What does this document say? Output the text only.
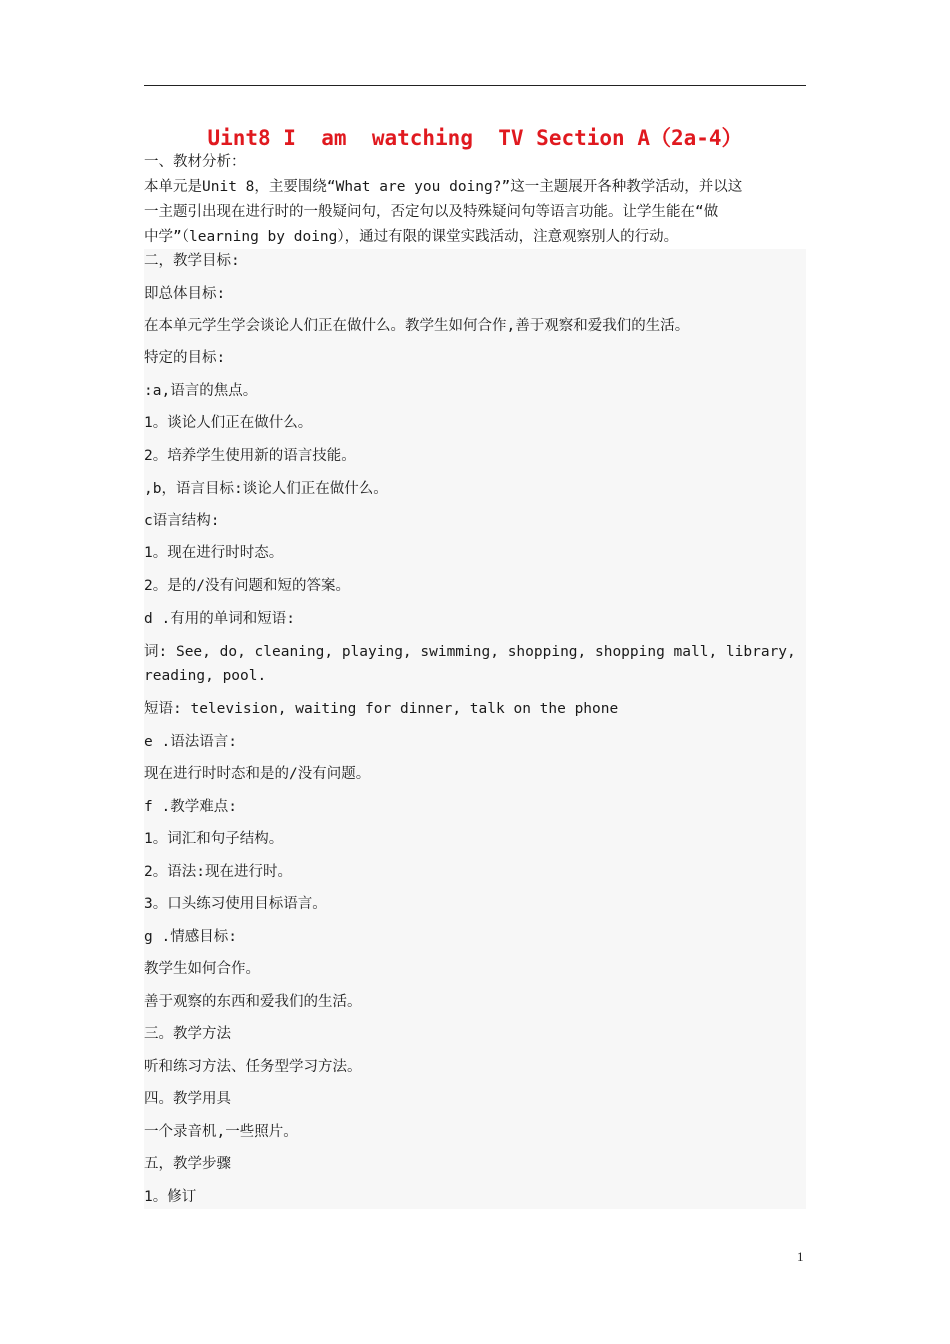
Uint8 I  am  watching  TV Section A（2a-4）

一、教材分析：

本单元是Unit 8，主要围绕“What are you doing?”这一主题展开各种教学活动，并以这

一主题引出现在进行时的一般疑问句，否定句以及特殊疑问句等语言功能。让学生能在“做

中学”（learning by doing），通过有限的课堂实践活动，注意观察别人的行动。

二，教学目标:
即总体目标:
在本单元学生学会谈论人们正在做什么。教学生如何合作,善于观察和爱我们的生活。
特定的目标:
:a,语言的焦点。
1。谈论人们正在做什么。
2。培养学生使用新的语言技能。
,b，语言目标:谈论人们正在做什么。
c语言结构:
1。现在进行时时态。
2。是的/没有问题和短的答案。
d .有用的单词和短语:
词: See, do, cleaning, playing, swimming, shopping, shopping mall, library,
reading, pool.
短语: television, waiting for dinner, talk on the phone
e .语法语言:
现在进行时时态和是的/没有问题。
f .教学难点:
1。词汇和句子结构。
2。语法:现在进行时。
3。口头练习使用目标语言。
g .情感目标:
教学生如何合作。
善于观察的东西和爱我们的生活。
三。教学方法
听和练习方法、任务型学习方法。
四。教学用具
一个录音机,一些照片。
五，教学步骤
1。修订
1
